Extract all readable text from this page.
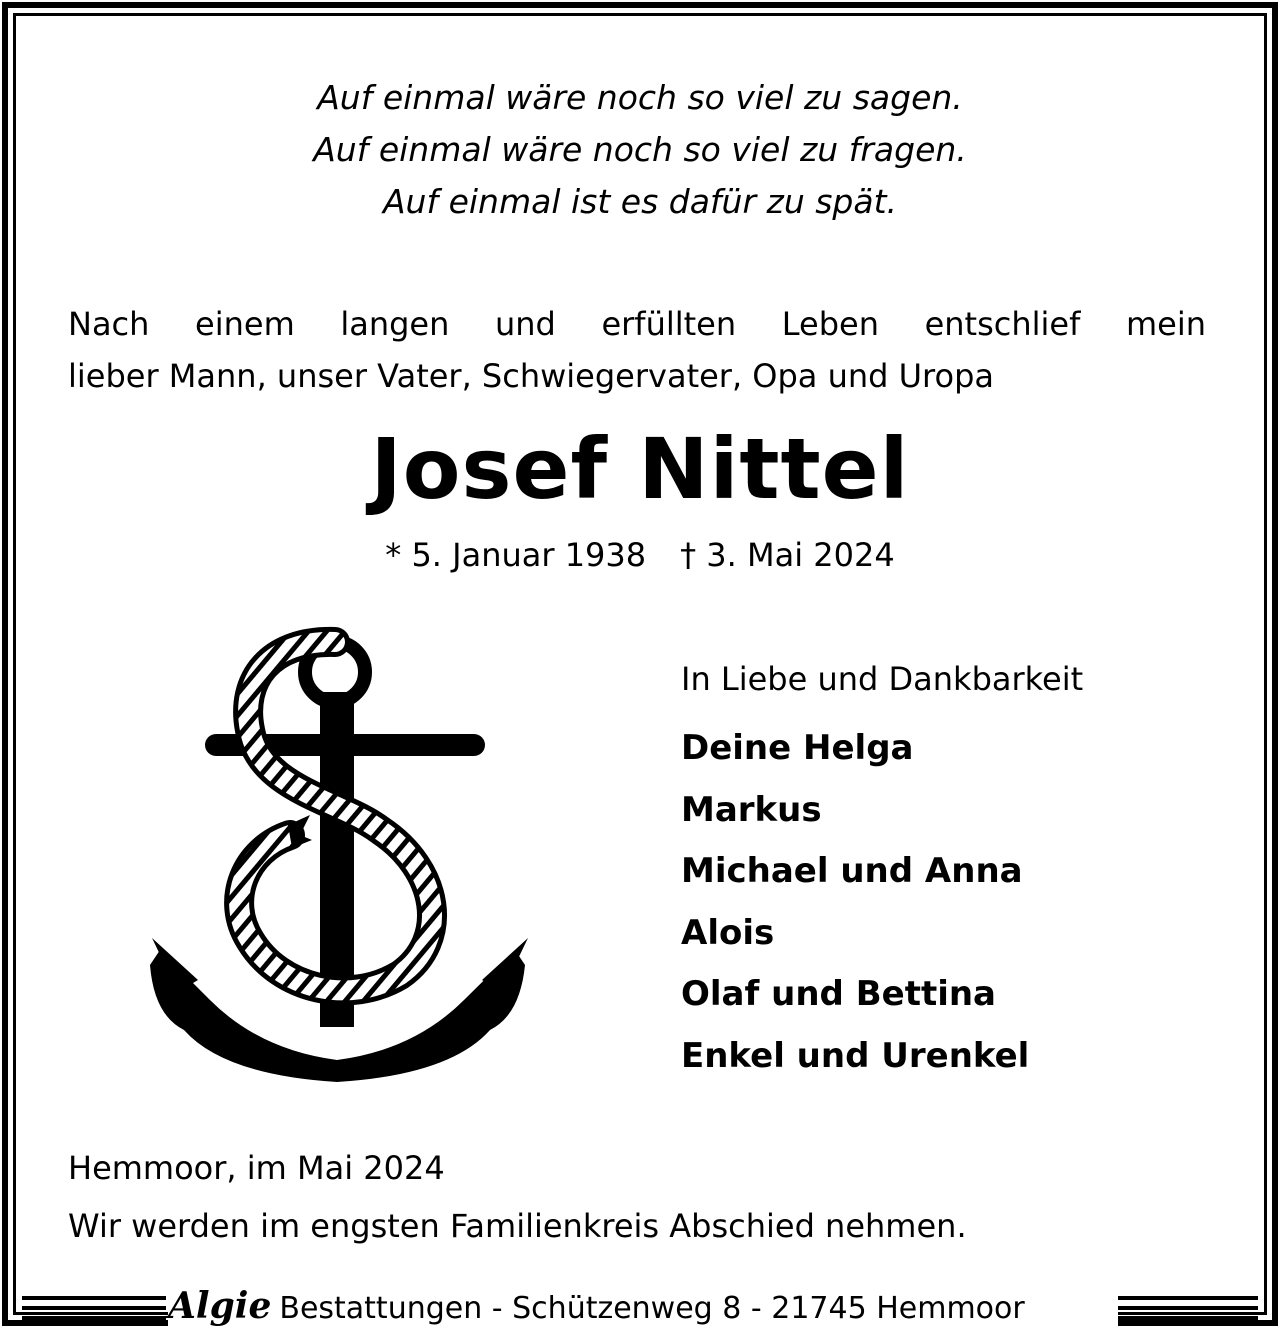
Auf einmal wäre noch so viel zu sagen.
Auf einmal wäre noch so viel zu fragen.
Auf einmal ist es dafür zu spät.
Nach einem langen und erfüllten Leben entschlief mein
lieber Mann, unser Vater, Schwiegervater, Opa und Uropa
Josef Nittel
* 5. Januar 1938 † 3. Mai 2024
In Liebe und Dankbarkeit
Deine Helga
Markus
Michael und Anna
Alois
Olaf und Bettina
Enkel und Urenkel
Hemmoor, im Mai 2024
Wir werden im engsten Familienkreis Abschied nehmen.
Algie Bestattungen - Schützenweg 8 - 21745 Hemmoor
